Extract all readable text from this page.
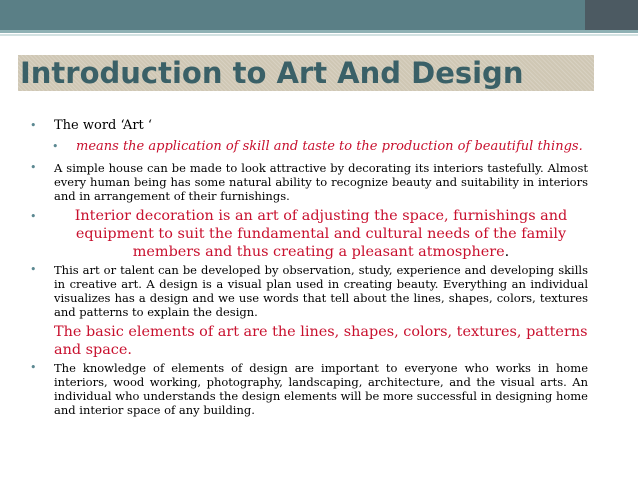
Introduction to Art And Design
• The word ‘Art ‘
• means the application of skill and taste to the production of beautiful things.
• A simple house can be made to look attractive by decorating its interiors tastefully. Almost every human being has some natural ability to recognize beauty and suitability in interiors and in arrangement of their furnishings.
•	Interior decoration is an art of adjusting the space, furnishings and equipment to suit the fundamental and cultural needs of the family members and thus creating a pleasant atmosphere.
• This art or talent can be developed by observation, study, experience and developing skills in creative art. A design is a visual plan used in creating beauty. Everything an individual visualizes has a design and we use words that tell about the lines, shapes, colors, textures and patterns to explain the design.
The basic elements of art are the lines, shapes, colors, textures, patterns and space.
• The knowledge of elements of design are important to everyone who works in home interiors, wood working, photography, landscaping, architecture, and the visual arts. An individual who understands the design elements will be more successful in designing home and interior space of any building.
